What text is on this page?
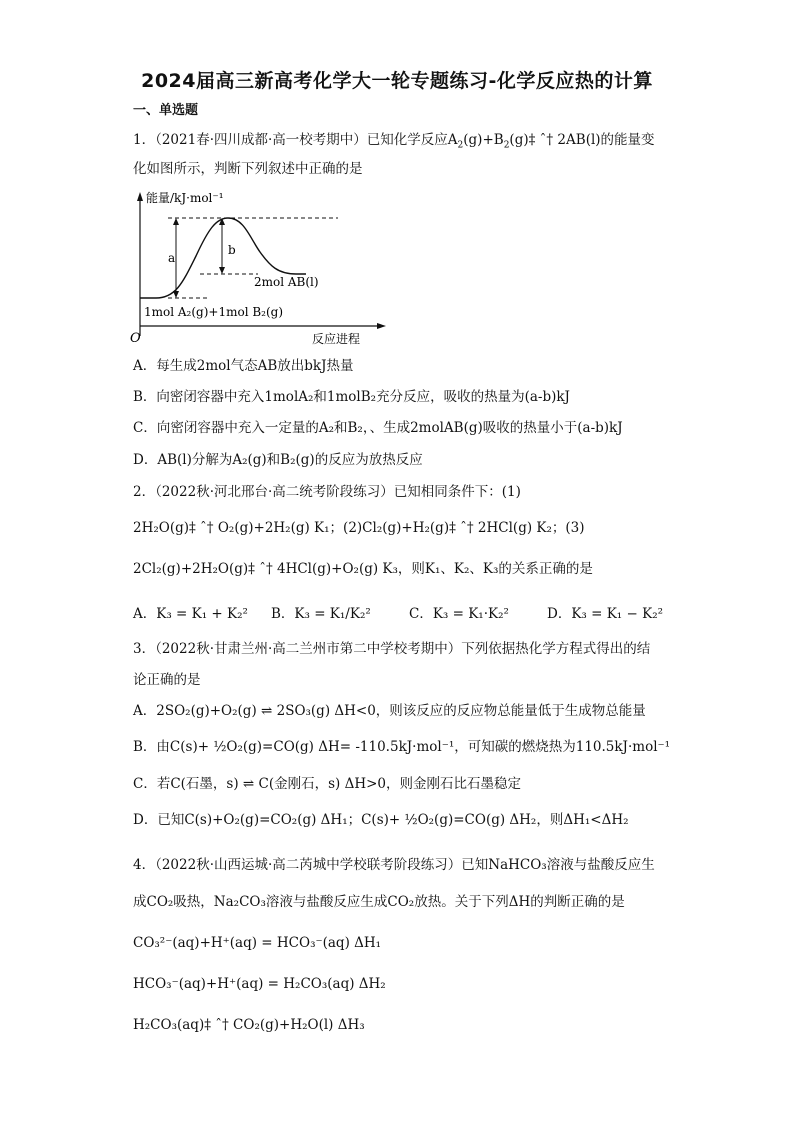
2024届高三新高考化学大一轮专题练习-化学反应热的计算
一、单选题
1．（2021春·四川成都·高一校考期中）已知化学反应$A_2(g)+B_2(g)\ddagger$ ˆ† 2AB(l)的能量变
化如图所示，判断下列叙述中正确的是
能量/kJ·mol⁻¹
O	反应进程
a
b
2mol AB(l)
1mol A₂(g)+1mol B₂(g)
A．每生成2mol气态AB放出bkJ热量
B．向密闭容器中充入1molA₂和1molB₂充分反应，吸收的热量为(a-b)kJ
C．向密闭容器中充入一定量的A₂和B₂，、生成2molAB(g)吸收的热量小于(a-b)kJ
D．AB(l)分解为A₂(g)和B₂(g)的反应为放热反应
2．（2022秋·河北邢台·高二统考阶段练习）已知相同条件下：(1)
2H₂O(g)‡ ˆ† O₂(g)+2H₂(g) K₁；(2)Cl₂(g)+H₂(g)‡ ˆ† 2HCl(g) K₂；(3)
2Cl₂(g)+2H₂O(g)‡ ˆ† 4HCl(g)+O₂(g) K₃，则K₁、K₂、K₃的关系正确的是
A．K₃ = K₁ + K₂² B．K₃ = K₁/K₂²	C．K₃ = K₁·K₂²	D．K₃ = K₁ − K₂²
3．（2022秋·甘肃兰州·高二兰州市第二中学校考期中）下列依据热化学方程式得出的结
论正确的是
A．2SO₂(g)+O₂(g) ⇌ 2SO₃(g) ΔH<0，则该反应的反应物总能量低于生成物总能量
B．由C(s)+ ½O₂(g)=CO(g) ΔH= -110.5kJ·mol⁻¹，可知碳的燃烧热为110.5kJ·mol⁻¹
C．若C(石墨，s) ⇌ C(金刚石，s) ΔH>0，则金刚石比石墨稳定
D．已知C(s)+O₂(g)=CO₂(g) ΔH₁；C(s)+ ½O₂(g)=CO(g) ΔH₂，则ΔH₁<ΔH₂
4．（2022秋·山西运城·高二芮城中学校联考阶段练习）已知NaHCO₃溶液与盐酸反应生
成CO₂吸热，Na₂CO₃溶液与盐酸反应生成CO₂放热。关于下列ΔH的判断正确的是
CO₃²⁻(aq)+H⁺(aq) = HCO₃⁻(aq) ΔH₁
HCO₃⁻(aq)+H⁺(aq) = H₂CO₃(aq) ΔH₂
H₂CO₃(aq)‡ ˆ† CO₂(g)+H₂O(l) ΔH₃
